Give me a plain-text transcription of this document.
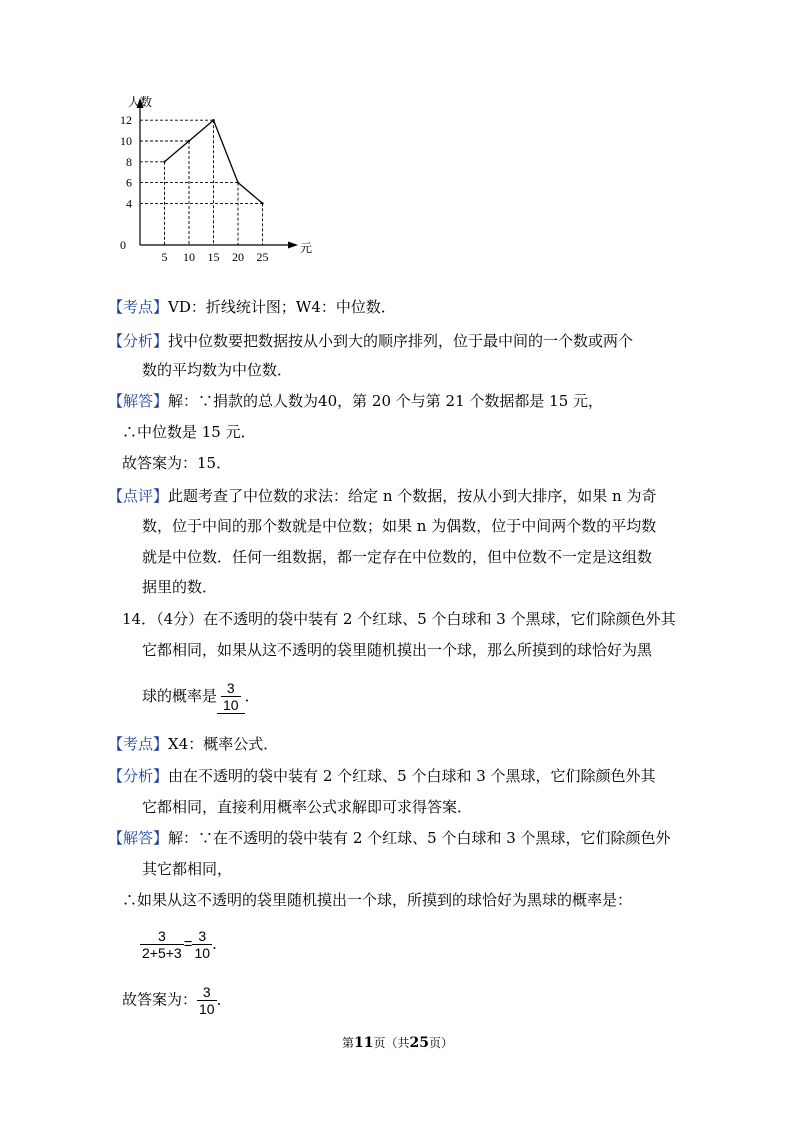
5 10 15 20 25
4
6
8
10
12
0
人数
元
【考点】VD：折线统计图；W4：中位数．
【分析】找中位数要把数据按从小到大的顺序排列，位于最中间的一个数或两个
数的平均数为中位数．
【解答】解：∵捐款的总人数为40，第 20 个与第 21 个数据都是 15 元，
∴中位数是 15 元．
故答案为：15．
【点评】此题考查了中位数的求法：给定 n 个数据，按从小到大排序，如果 n 为奇
数，位于中间的那个数就是中位数；如果 n 为偶数，位于中间两个数的平均数
就是中位数．任何一组数据，都一定存在中位数的，但中位数不一定是这组数
据里的数．
14．（4分）在不透明的袋中装有 2 个红球、5 个白球和 3 个黑球，它们除颜色外其
它都相同，如果从这不透明的袋里随机摸出一个球，那么所摸到的球恰好为黑
球的概率是 $\frac{3}{10}$ ．
【考点】X4：概率公式．
【分析】由在不透明的袋中装有 2 个红球、5 个白球和 3 个黑球，它们除颜色外其
它都相同，直接利用概率公式求解即可求得答案．
【解答】解：∵在不透明的袋中装有 2 个红球、5 个白球和 3 个黑球，它们除颜色外
其它都相同，
∴如果从这不透明的袋里随机摸出一个球，所摸到的球恰好为黑球的概率是：
$\frac{3}{2+5+3} = \frac{3}{10}$ ．
故答案为： $\frac{3}{10}$ ．
第11页（共25页）
